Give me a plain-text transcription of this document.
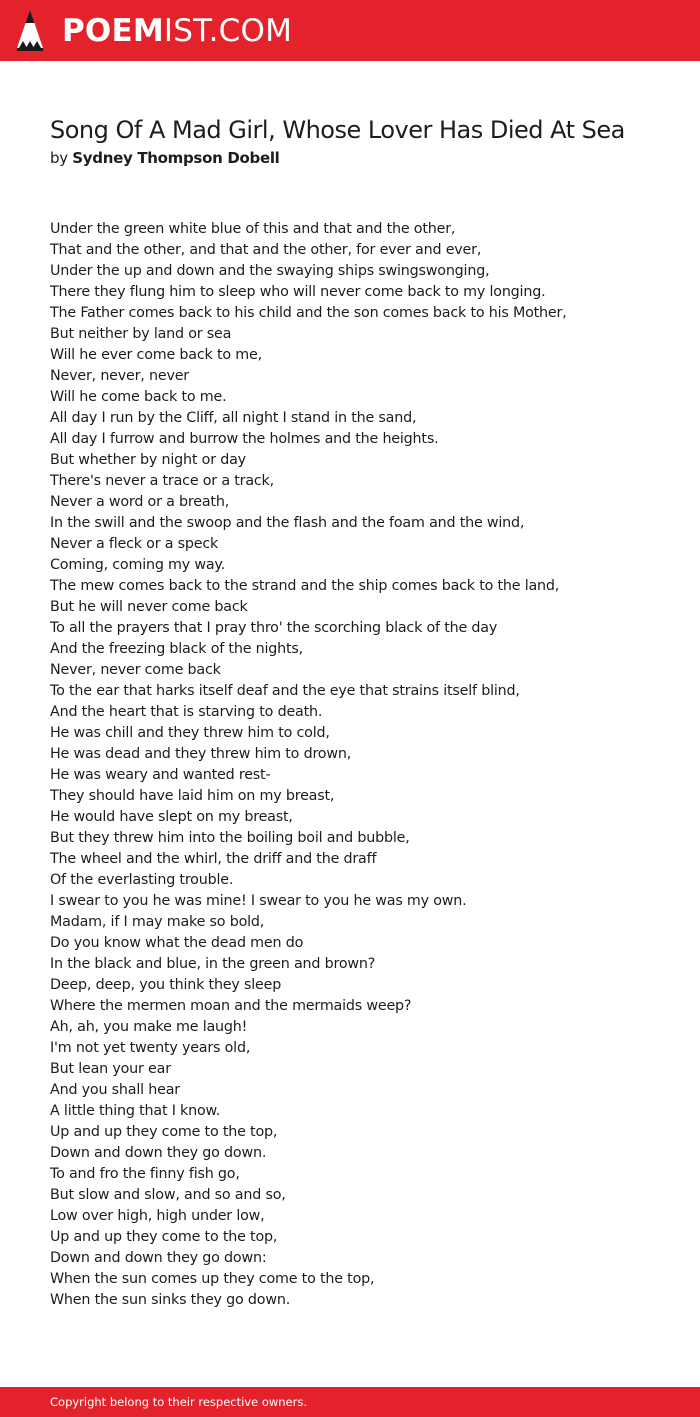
POEMIST.COM
Song Of A Mad Girl, Whose Lover Has Died At Sea
by Sydney Thompson Dobell
Under the green white blue of this and that and the other,
That and the other, and that and the other, for ever and ever,
Under the up and down and the swaying ships swingswonging,
There they flung him to sleep who will never come back to my longing.
The Father comes back to his child and the son comes back to his Mother,
But neither by land or sea
Will he ever come back to me,
Never, never, never
Will he come back to me.
All day I run by the Cliff, all night I stand in the sand,
All day I furrow and burrow the holmes and the heights.
But whether by night or day
There's never a trace or a track,
Never a word or a breath,
In the swill and the swoop and the flash and the foam and the wind,
Never a fleck or a speck
Coming, coming my way.
The mew comes back to the strand and the ship comes back to the land,
But he will never come back
To all the prayers that I pray thro' the scorching black of the day
And the freezing black of the nights,
Never, never come back
To the ear that harks itself deaf and the eye that strains itself blind,
And the heart that is starving to death.
He was chill and they threw him to cold,
He was dead and they threw him to drown,
He was weary and wanted rest-
They should have laid him on my breast,
He would have slept on my breast,
But they threw him into the boiling boil and bubble,
The wheel and the whirl, the driff and the draff
Of the everlasting trouble.
I swear to you he was mine! I swear to you he was my own.
Madam, if I may make so bold,
Do you know what the dead men do
In the black and blue, in the green and brown?
Deep, deep, you think they sleep
Where the mermen moan and the mermaids weep?
Ah, ah, you make me laugh!
I'm not yet twenty years old,
But lean your ear
And you shall hear
A little thing that I know.
Up and up they come to the top,
Down and down they go down.
To and fro the finny fish go,
But slow and slow, and so and so,
Low over high, high under low,
Up and up they come to the top,
Down and down they go down:
When the sun comes up they come to the top,
When the sun sinks they go down.
Copyright belong to their respective owners.
